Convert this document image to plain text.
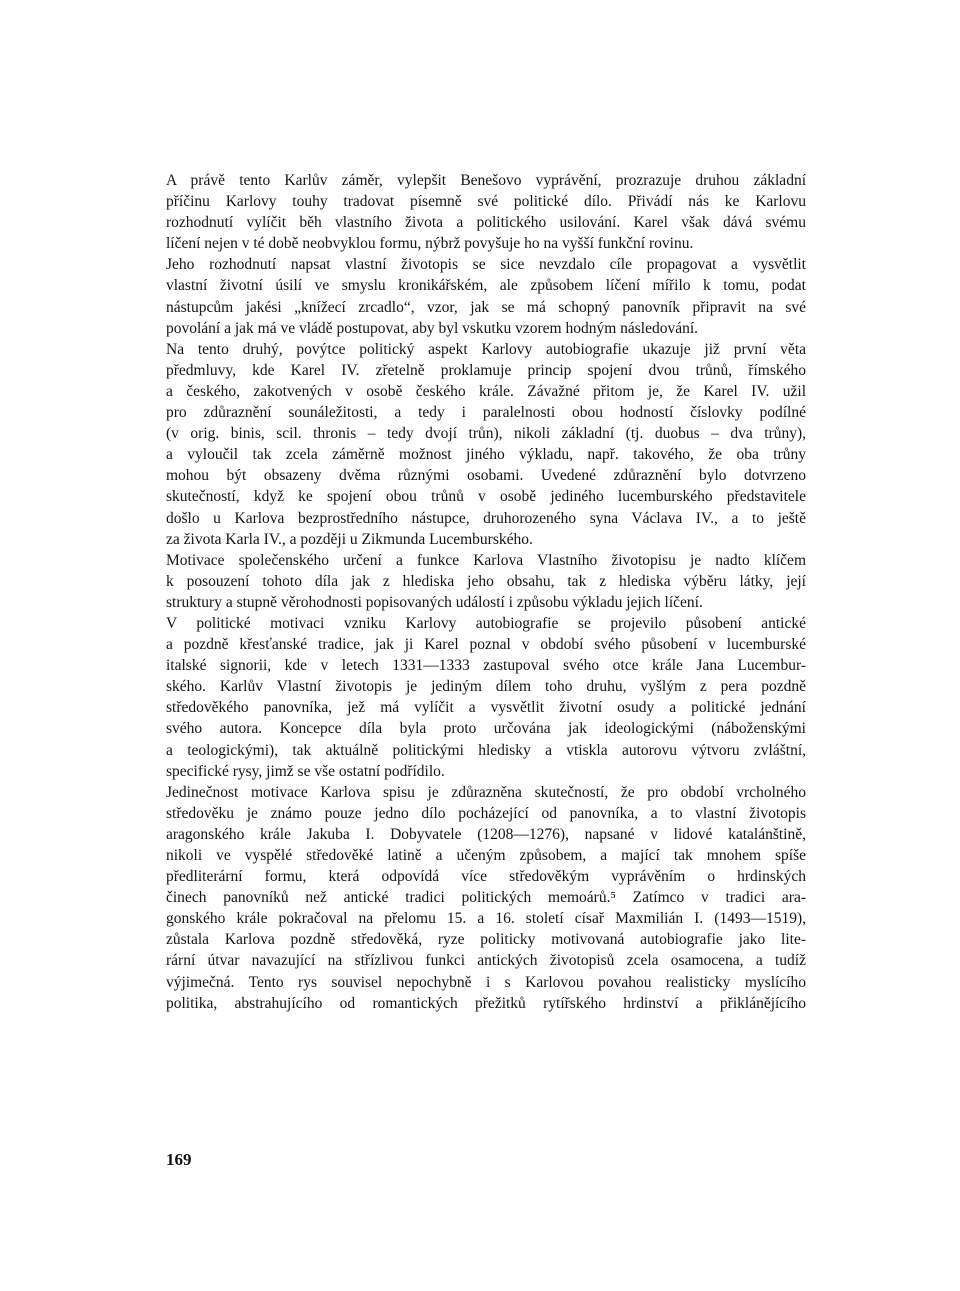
A právě tento Karlův záměr, vylepšit Benešovo vyprávění, prozrazuje druhou základní
příčinu Karlovy touhy tradovat písemně své politické dílo. Přivádí nás ke Karlovu
rozhodnutí vylíčit běh vlastního života a politického usilování. Karel však dává svému
líčení nejen v té době neobvyklou formu, nýbrž povyšuje ho na vyšší funkční rovinu.
Jeho rozhodnutí napsat vlastní životopis se sice nevzdalo cíle propagovat a vysvětlit
vlastní životní úsilí ve smyslu kronikářském, ale způsobem líčení mířilo k tomu, podat
nástupcům jakési „knížecí zrcadlo“, vzor, jak se má schopný panovník připravit na své
povolání a jak má ve vládě postupovat, aby byl vskutku vzorem hodným následování.
Na tento druhý, povýtce politický aspekt Karlovy autobiografie ukazuje již první věta
předmluvy, kde Karel IV. zřetelně proklamuje princip spojení dvou trůnů, římského
a českého, zakotvených v osobě českého krále. Závažné přitom je, že Karel IV. užil
pro zdůraznění sounáležitosti, a tedy i paralelnosti obou hodností číslovky podílné
(v orig. binis, scil. thronis – tedy dvojí trůn), nikoli základní (tj. duobus – dva trůny),
a vyloučil tak zcela záměrně možnost jiného výkladu, např. takového, že oba trůny
mohou být obsazeny dvěma různými osobami. Uvedené zdůraznění bylo dotvrzeno
skutečností, když ke spojení obou trůnů v osobě jediného lucemburského představitele
došlo u Karlova bezprostředního nástupce, druhorozeného syna Václava IV., a to ještě
za života Karla IV., a později u Zikmunda Lucemburského.
Motivace společenského určení a funkce Karlova Vlastního životopisu je nadto klíčem
k posouzení tohoto díla jak z hlediska jeho obsahu, tak z hlediska výběru látky, její
struktury a stupně věrohodnosti popisovaných událostí i způsobu výkladu jejich líčení.
V politické motivaci vzniku Karlovy autobiografie se projevilo působení antické
a pozdně křesťanské tradice, jak ji Karel poznal v období svého působení v lucemburské
italské signorii, kde v letech 1331—1333 zastupoval svého otce krále Jana Lucembur-
ského. Karlův Vlastní životopis je jediným dílem toho druhu, vyšlým z pera pozdně
středověkého panovníka, jež má vylíčit a vysvětlit životní osudy a politické jednání
svého autora. Koncepce díla byla proto určována jak ideologickými (náboženskými
a teologickými), tak aktuálně politickými hledisky a vtiskla autorovu výtvoru zvláštní,
specifické rysy, jimž se vše ostatní podřídilo.
Jedinečnost motivace Karlova spisu je zdůrazněna skutečností, že pro období vrcholného
středověku je známo pouze jedno dílo pocházející od panovníka, a to vlastní životopis
aragonského krále Jakuba I. Dobyvatele (1208—1276), napsané v lidové katalánštině,
nikoli ve vyspělé středověké latině a učeným způsobem, a mající tak mnohem spíše
předliterární formu, která odpovídá více středověkým vyprávěním o hrdinských
činech panovníků než antické tradici politických memoárů.⁵ Zatímco v tradici ara-
gonského krále pokračoval na přelomu 15. a 16. století císař Maxmilián I. (1493—1519),
zůstala Karlova pozdně středověká, ryze politicky motivovaná autobiografie jako lite-
rární útvar navazující na střízlivou funkci antických životopisů zcela osamocena, a tudíž
výjimečná. Tento rys souvisel nepochybně i s Karlovou povahou realisticky myslícího
politika, abstrahujícího od romantických přežitků rytířského hrdinství a přiklánějícího
169
